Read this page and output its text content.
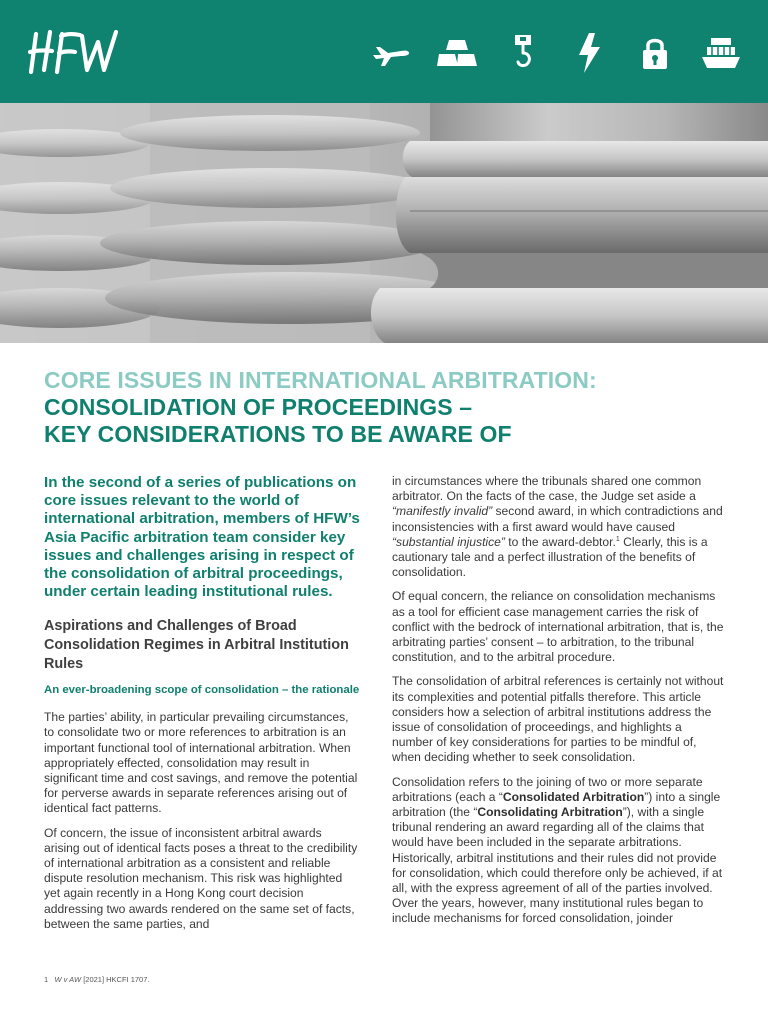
CORE ISSUES IN INTERNATIONAL ARBITRATION:
CONSOLIDATION OF PROCEEDINGS –
KEY CONSIDERATIONS TO BE AWARE OF

In the second of a series of publications on core issues relevant to the world of international arbitration, members of HFW’s Asia Pacific arbitration team consider key issues and challenges arising in respect of the consolidation of arbitral proceedings, under certain leading institutional rules.

Aspirations and Challenges of Broad Consolidation Regimes in Arbitral Institution Rules
An ever-broadening scope of consolidation – the rationale

The parties’ ability, in particular prevailing circumstances, to consolidate two or more references to arbitration is an important functional tool of international arbitration. When appropriately effected, consolidation may result in significant time and cost savings, and remove the potential for perverse awards in separate references arising out of identical fact patterns.

Of concern, the issue of inconsistent arbitral awards arising out of identical facts poses a threat to the credibility of international arbitration as a consistent and reliable dispute resolution mechanism. This risk was highlighted yet again recently in a Hong Kong court decision addressing two awards rendered on the same set of facts, between the same parties, and

in circumstances where the tribunals shared one common arbitrator. On the facts of the case, the Judge set aside a “manifestly invalid” second award, in which contradictions and inconsistencies with a first award would have caused “substantial injustice” to the award-debtor.$^1$ Clearly, this is a cautionary tale and a perfect illustration of the benefits of consolidation.

Of equal concern, the reliance on consolidation mechanisms as a tool for efficient case management carries the risk of conflict with the bedrock of international arbitration, that is, the arbitrating parties’ consent – to arbitration, to the tribunal constitution, and to the arbitral procedure.

The consolidation of arbitral references is certainly not without its complexities and potential pitfalls therefore. This article considers how a selection of arbitral institutions address the issue of consolidation of proceedings, and highlights a number of key considerations for parties to be mindful of, when deciding whether to seek consolidation.

Consolidation refers to the joining of two or more separate arbitrations (each a “Consolidated Arbitration”) into a single arbitration (the “Consolidating Arbitration”), with a single tribunal rendering an award regarding all of the claims that would have been included in the separate arbitrations. Historically, arbitral institutions and their rules did not provide for consolidation, which could therefore only be achieved, if at all, with the express agreement of all of the parties involved. Over the years, however, many institutional rules began to include mechanisms for forced consolidation, joinder

1 W v AW [2021] HKCFI 1707.
